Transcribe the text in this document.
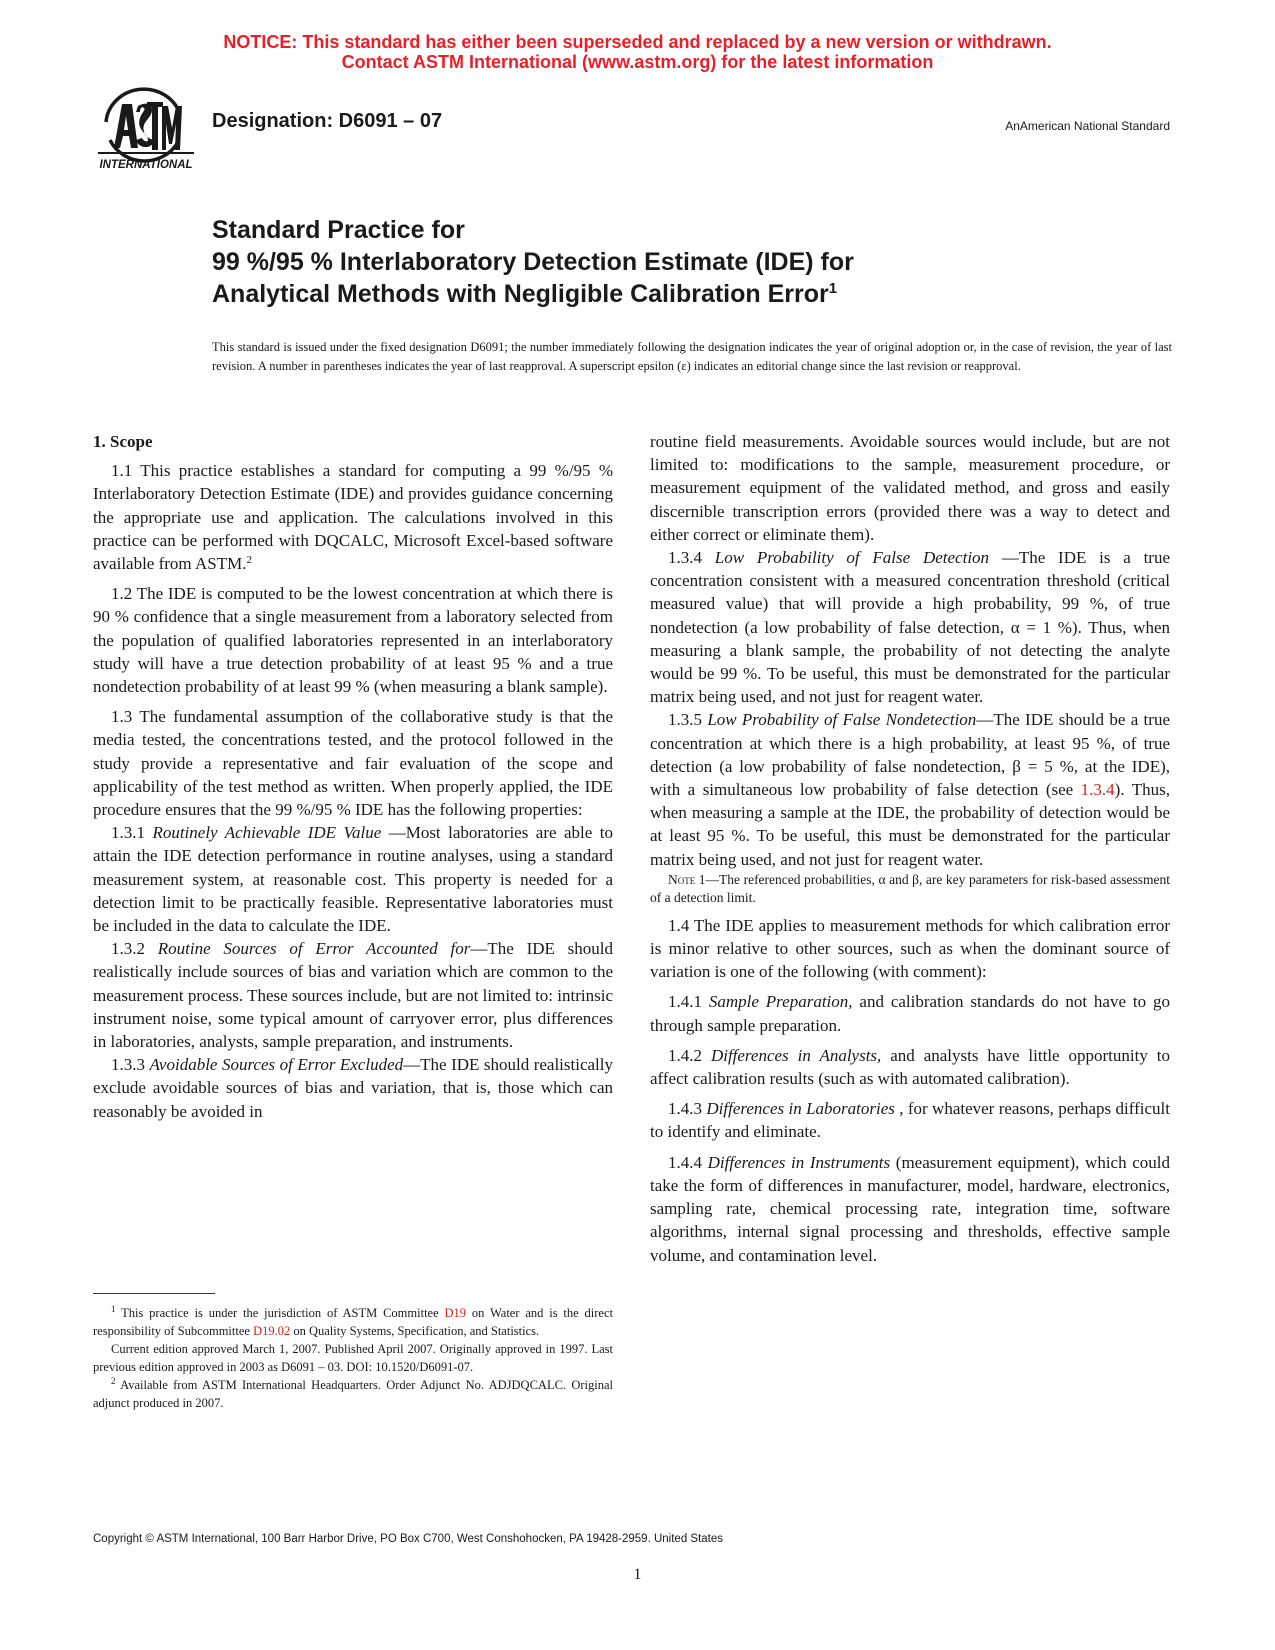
NOTICE: This standard has either been superseded and replaced by a new version or withdrawn.
Contact ASTM International (www.astm.org) for the latest information
INTERNATIONAL
Designation: D6091 – 07	AnAmerican National Standard
Standard Practice for
99 %/95 % Interlaboratory Detection Estimate (IDE) for
Analytical Methods with Negligible Calibration Error$^1$

This standard is issued under the fixed designation D6091; the number immediately following the designation indicates the year of original adoption or, in the case of revision, the year of last revision. A number in parentheses indicates the year of last reapproval. A superscript epsilon (ε) indicates an editorial change since the last revision or reapproval.

1. Scope

1.1 This practice establishes a standard for computing a 99 %/95 % Interlaboratory Detection Estimate (IDE) and provides guidance concerning the appropriate use and application. The calculations involved in this practice can be performed with DQCALC, Microsoft Excel-based software available from ASTM.$^2$

1.2 The IDE is computed to be the lowest concentration at which there is 90 % confidence that a single measurement from a laboratory selected from the population of qualified laboratories represented in an interlaboratory study will have a true detection probability of at least 95 % and a true nondetection probability of at least 99 % (when measuring a blank sample).

1.3 The fundamental assumption of the collaborative study is that the media tested, the concentrations tested, and the protocol followed in the study provide a representative and fair evaluation of the scope and applicability of the test method as written. When properly applied, the IDE procedure ensures that the 99 %/95 % IDE has the following properties:

1.3.1 Routinely Achievable IDE Value —Most laboratories are able to attain the IDE detection performance in routine analyses, using a standard measurement system, at reasonable cost. This property is needed for a detection limit to be practically feasible. Representative laboratories must be included in the data to calculate the IDE.

1.3.2 Routine Sources of Error Accounted for—The IDE should realistically include sources of bias and variation which are common to the measurement process. These sources include, but are not limited to: intrinsic instrument noise, some typical amount of carryover error, plus differences in laboratories, analysts, sample preparation, and instruments.

1.3.3 Avoidable Sources of Error Excluded—The IDE should realistically exclude avoidable sources of bias and variation, that is, those which can reasonably be avoided in

routine field measurements. Avoidable sources would include, but are not limited to: modifications to the sample, measurement procedure, or measurement equipment of the validated method, and gross and easily discernible transcription errors (provided there was a way to detect and either correct or eliminate them).

1.3.4 Low Probability of False Detection —The IDE is a true concentration consistent with a measured concentration threshold (critical measured value) that will provide a high probability, 99 %, of true nondetection (a low probability of false detection, α = 1 %). Thus, when measuring a blank sample, the probability of not detecting the analyte would be 99 %. To be useful, this must be demonstrated for the particular matrix being used, and not just for reagent water.

1.3.5 Low Probability of False Nondetection—The IDE should be a true concentration at which there is a high probability, at least 95 %, of true detection (a low probability of false nondetection, β = 5 %, at the IDE), with a simultaneous low probability of false detection (see 1.3.4). Thus, when measuring a sample at the IDE, the probability of detection would be at least 95 %. To be useful, this must be demonstrated for the particular matrix being used, and not just for reagent water.

Note 1—The referenced probabilities, α and β, are key parameters for risk-based assessment of a detection limit.

1.4 The IDE applies to measurement methods for which calibration error is minor relative to other sources, such as when the dominant source of variation is one of the following (with comment):

1.4.1 Sample Preparation, and calibration standards do not have to go through sample preparation.

1.4.2 Differences in Analysts, and analysts have little opportunity to affect calibration results (such as with automated calibration).

1.4.3 Differences in Laboratories , for whatever reasons, perhaps difficult to identify and eliminate.

1.4.4 Differences in Instruments (measurement equipment), which could take the form of differences in manufacturer, model, hardware, electronics, sampling rate, chemical processing rate, integration time, software algorithms, internal signal processing and thresholds, effective sample volume, and contamination level.

$^1$ This practice is under the jurisdiction of ASTM Committee D19 on Water and is the direct responsibility of Subcommittee D19.02 on Quality Systems, Specification, and Statistics.

Current edition approved March 1, 2007. Published April 2007. Originally approved in 1997. Last previous edition approved in 2003 as D6091 – 03. DOI: 10.1520/D6091-07.

$^2$ Available from ASTM International Headquarters. Order Adjunct No. ADJDQCALC. Original adjunct produced in 2007.

Copyright © ASTM International, 100 Barr Harbor Drive, PO Box C700, West Conshohocken, PA 19428-2959. United States
1
